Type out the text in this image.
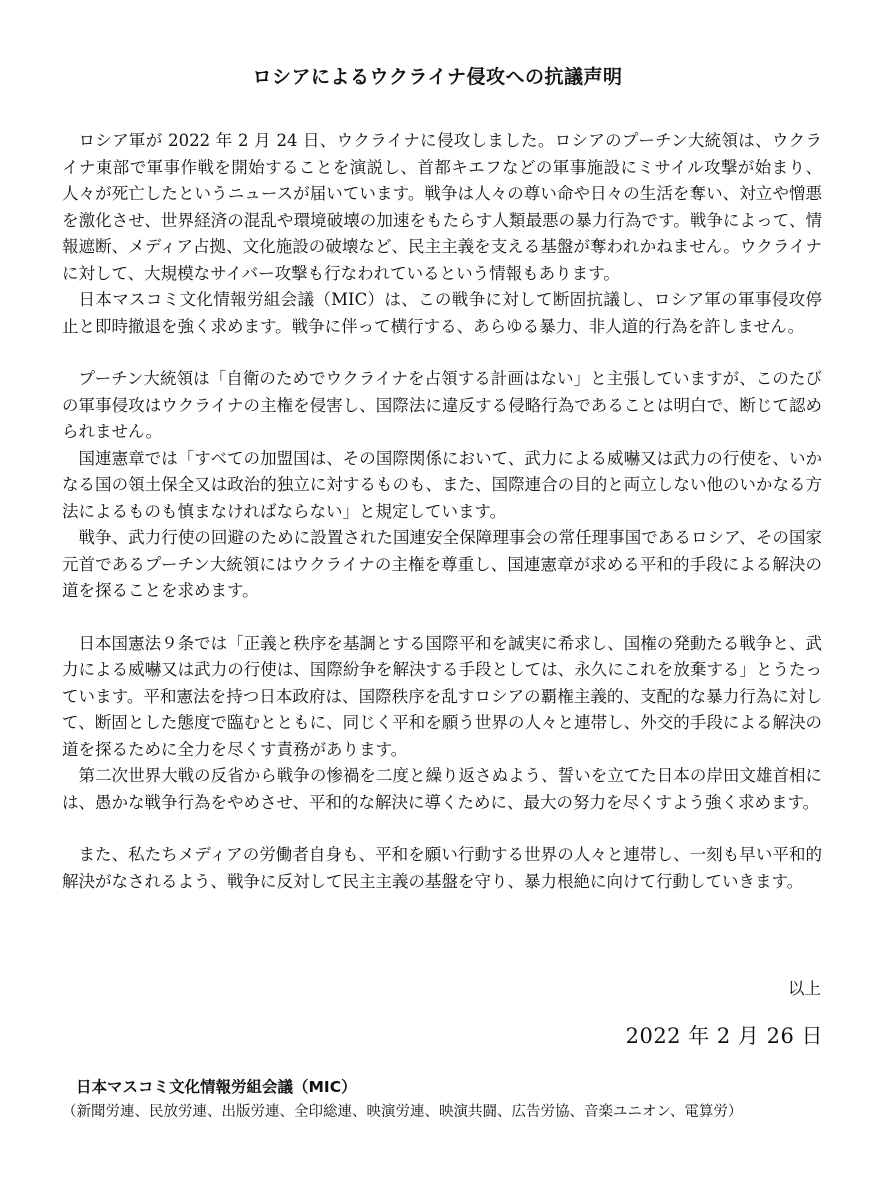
ロシアによるウクライナ侵攻への抗議声明

ロシア軍が 2022 年 2 月 24 日、ウクライナに侵攻しました。ロシアのプーチン大統領は、ウクライナ東部で軍事作戦を開始することを演説し、首都キエフなどの軍事施設にミサイル攻撃が始まり、人々が死亡したというニュースが届いています。戦争は人々の尊い命や日々の生活を奪い、対立や憎悪を激化させ、世界経済の混乱や環境破壊の加速をもたらす人類最悪の暴力行為です。戦争によって、情報遮断、メディア占拠、文化施設の破壊など、民主主義を支える基盤が奪われかねません。ウクライナに対して、大規模なサイバー攻撃も行なわれているという情報もあります。

日本マスコミ文化情報労組会議（MIC）は、この戦争に対して断固抗議し、ロシア軍の軍事侵攻停止と即時撤退を強く求めます。戦争に伴って横行する、あらゆる暴力、非人道的行為を許しません。

プーチン大統領は「自衛のためでウクライナを占領する計画はない」と主張していますが、このたびの軍事侵攻はウクライナの主権を侵害し、国際法に違反する侵略行為であることは明白で、断じて認められません。

国連憲章では「すべての加盟国は、その国際関係において、武力による威嚇又は武力の行使を、いかなる国の領土保全又は政治的独立に対するものも、また、国際連合の目的と両立しない他のいかなる方法によるものも慎まなければならない」と規定しています。

戦争、武力行使の回避のために設置された国連安全保障理事会の常任理事国であるロシア、その国家元首であるプーチン大統領にはウクライナの主権を尊重し、国連憲章が求める平和的手段による解決の道を探ることを求めます。

日本国憲法９条では「正義と秩序を基調とする国際平和を誠実に希求し、国権の発動たる戦争と、武力による威嚇又は武力の行使は、国際紛争を解決する手段としては、永久にこれを放棄する」とうたっています。平和憲法を持つ日本政府は、国際秩序を乱すロシアの覇権主義的、支配的な暴力行為に対して、断固とした態度で臨むとともに、同じく平和を願う世界の人々と連帯し、外交的手段による解決の道を探るために全力を尽くす責務があります。

第二次世界大戦の反省から戦争の惨禍を二度と繰り返さぬよう、誓いを立てた日本の岸田文雄首相には、愚かな戦争行為をやめさせ、平和的な解決に導くために、最大の努力を尽くすよう強く求めます。

また、私たちメディアの労働者自身も、平和を願い行動する世界の人々と連帯し、一刻も早い平和的解決がなされるよう、戦争に反対して民主主義の基盤を守り、暴力根絶に向けて行動していきます。

以上
2022 年 2 月 26 日
日本マスコミ文化情報労組会議（MIC）
（新聞労連、民放労連、出版労連、全印総連、映演労連、映演共闘、広告労協、音楽ユニオン、電算労）
